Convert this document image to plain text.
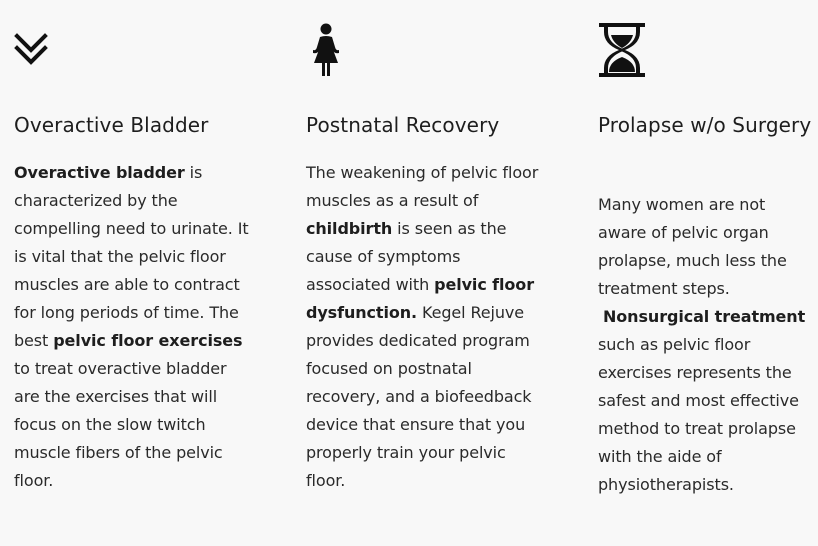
Overactive Bladder

Overactive bladder is characterized by the compelling need to urinate. It is vital that the pelvic floor muscles are able to contract for long periods of time. The best pelvic floor exercises to treat overactive bladder are the exercises that will focus on the slow twitch muscle fibers of the pelvic floor.

Postnatal Recovery

The weakening of pelvic floor muscles as a result of childbirth is seen as the cause of symptoms associated with pelvic floor dysfunction. Kegel Rejuve provides dedicated program focused on postnatal recovery, and a biofeedback device that ensure that you properly train your pelvic floor.

Prolapse w/o Surgery

Many women are not aware of pelvic organ prolapse, much less the treatment steps.
Nonsurgical treatment such as pelvic floor exercises represents the safest and most effective method to treat prolapse with the aide of physiotherapists.
